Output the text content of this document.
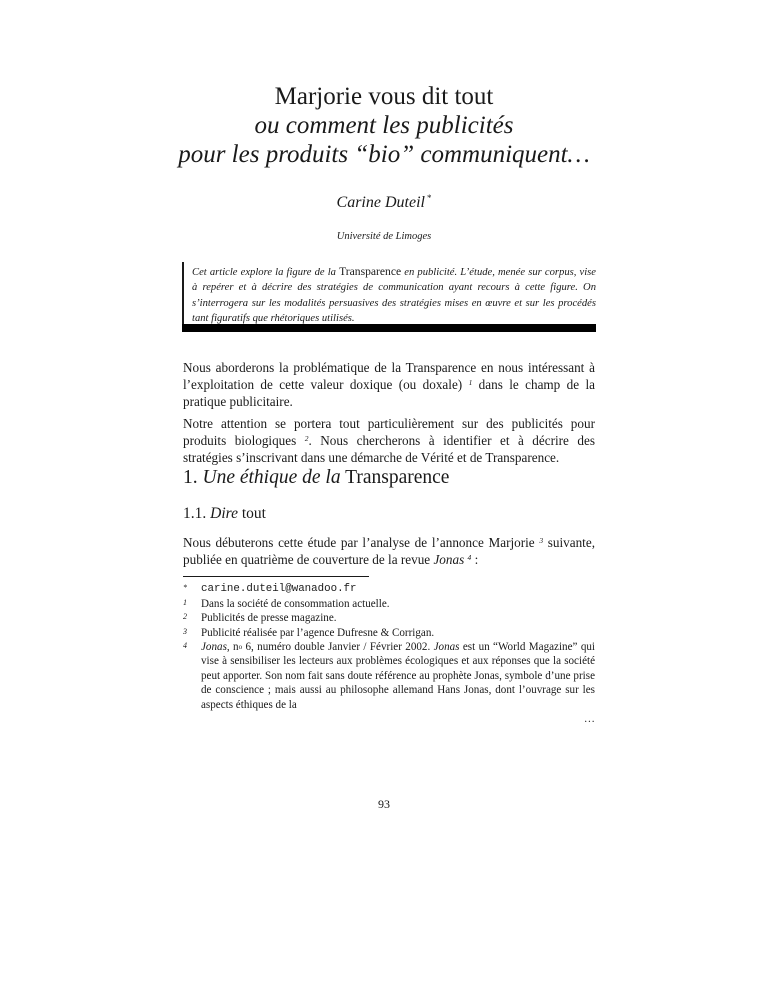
Marjorie vous dit tout
ou comment les publicités
pour les produits “bio” communiquent…
Carine Duteil *
Université de Limoges
Cet article explore la figure de la Transparence en publicité. L’étude, menée sur corpus, vise à repérer et à décrire des stratégies de communication ayant recours à cette figure. On s’interrogera sur les modalités persuasives des stratégies mises en œuvre et sur les procédés tant figuratifs que rhétoriques utilisés.
Nous aborderons la problématique de la Transparence en nous intéressant à l’exploitation de cette valeur doxique (ou doxale) $^1$ dans le champ de la pratique publicitaire.
Notre attention se portera tout particulièrement sur des publicités pour produits biologiques $^2$. Nous chercherons à identifier et à décrire des stratégies s’inscrivant dans une démarche de Vérité et de Transparence.
1. Une éthique de la Transparence
1.1. Dire tout
Nous débuterons cette étude par l’analyse de l’annonce Marjorie $^3$ suivante, publiée en quatrième de couverture de la revue Jonas $^4$ :
*	carine.duteil@wanadoo.fr
1	Dans la société de consommation actuelle.
2	Publicités de presse magazine.
3	Publicité réalisée par l’agence Dufresne & Corrigan.
4	Jonas, $n^o$ 6, numéro double Janvier / Février 2002. Jonas est un “World Magazine” qui vise à sensibiliser les lecteurs aux problèmes écologiques et aux réponses que la société peut apporter. Son nom fait sans doute référence au prophète Jonas, symbole d’une prise de conscience ; mais aussi au philosophe allemand Hans Jonas, dont l’ouvrage sur les aspects éthiques de la
…
93
